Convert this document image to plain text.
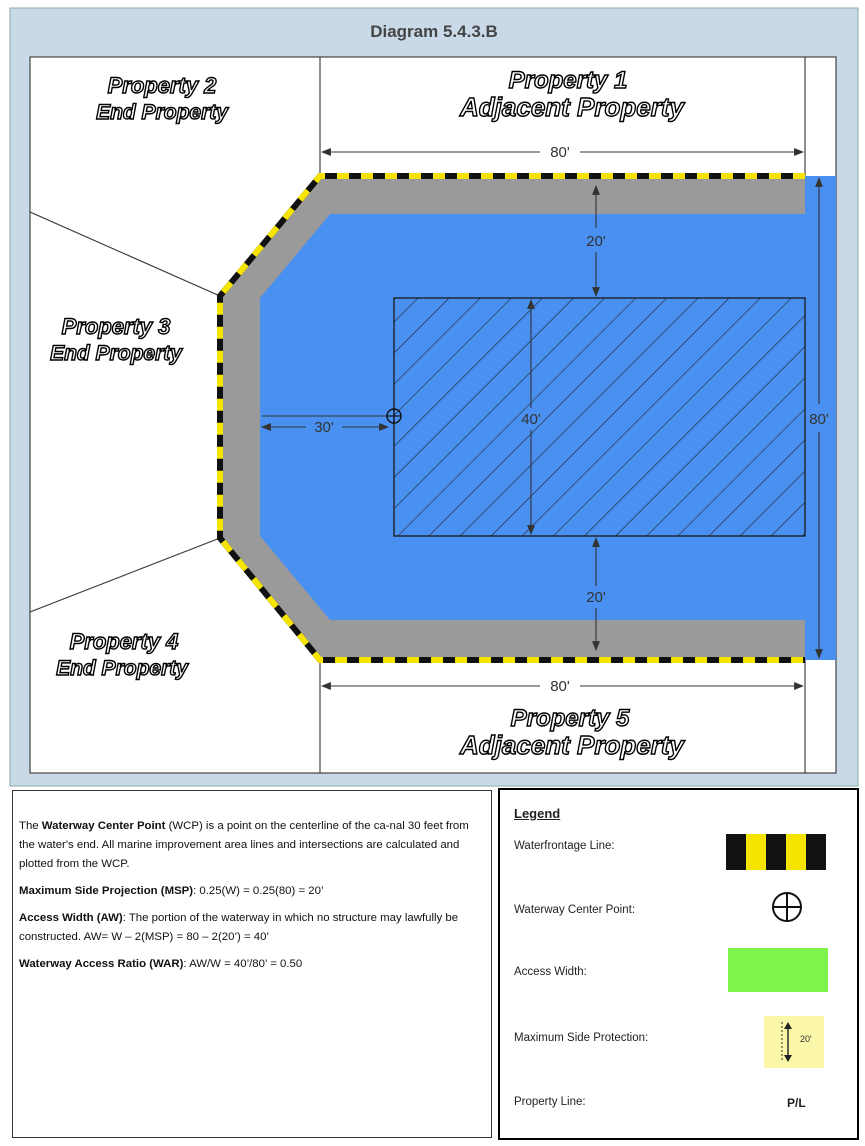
Diagram 5.4.3.B
80'
80'
20'
20'
30'	40'	80'
Property 1
Adjacent Property
Property 2
End Property
Property 3
End Property
Property 4
End Property
Property 5
Adjacent Property

The Waterway Center Point (WCP) is a point on the centerline of the ca-nal 30 feet from the water's end. All marine improvement area lines and intersections are calculated and plotted from the WCP.

Maximum Side Projection (MSP): 0.25(W) = 0.25(80) = 20’

Access Width (AW): The portion of the waterway in which no structure may lawfully be constructed. AW= W – 2(MSP) = 80 – 2(20’) = 40’

Waterway Access Ratio (WAR): AW/W = 40’/80’ = 0.50

Legend
Waterfrontage Line:
Waterway Center Point:
Access Width:
Maximum Side Protection:	20'
Property Line:	P/L
